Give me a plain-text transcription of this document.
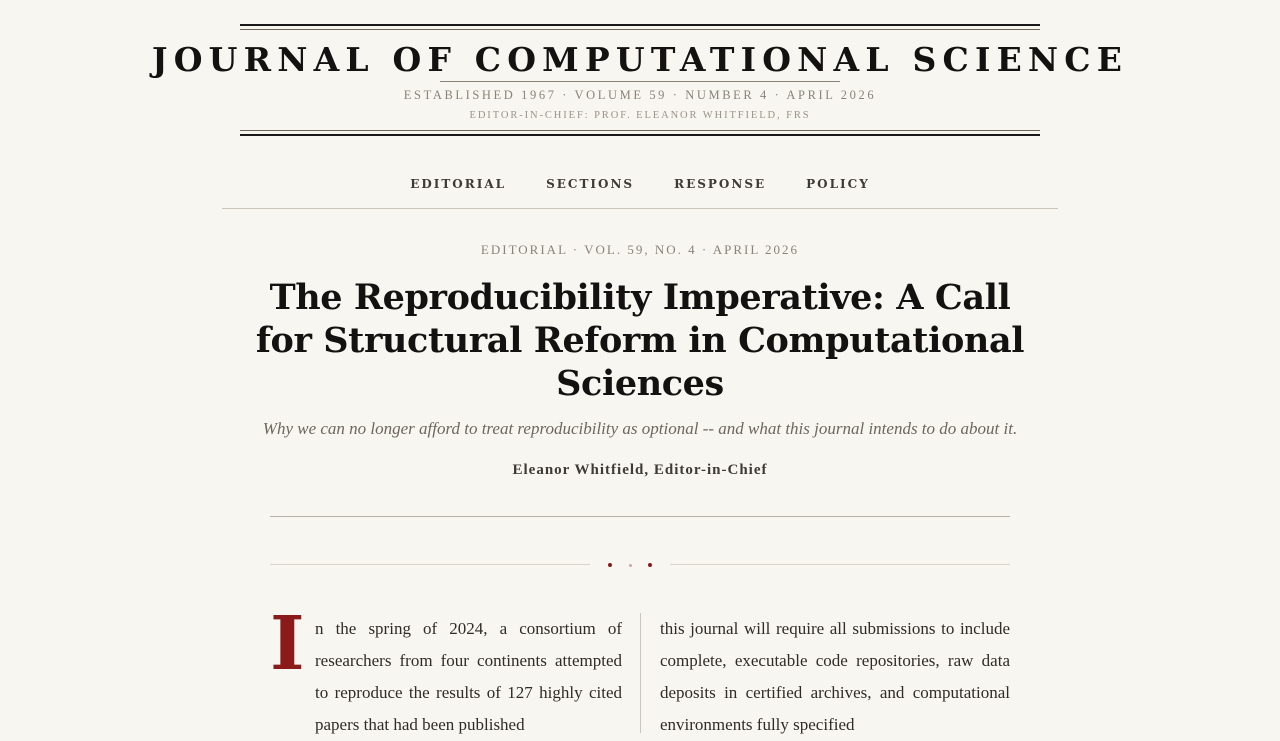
JOURNAL OF COMPUTATIONAL SCIENCE
ESTABLISHED 1967 · VOLUME 59 · NUMBER 4 · APRIL 2026
EDITOR-IN-CHIEF: PROF. ELEANOR WHITFIELD, FRS
EDITORIAL	SECTIONS	RESPONSE	POLICY
EDITORIAL · VOL. 59, NO. 4 · APRIL 2026
The Reproducibility Imperative: A Call for Structural Reform in Computational Sciences
Why we can no longer afford to treat reproducibility as optional -- and what this journal intends to do about it.
Eleanor Whitfield, Editor-in-Chief
I n the spring of 2024, a consortium of researchers from four continents attempted to reproduce the results of 127 highly cited papers that had been published

this journal will require all submissions to include complete, executable code repositories, raw data deposits in certified archives, and computational environments fully specified
